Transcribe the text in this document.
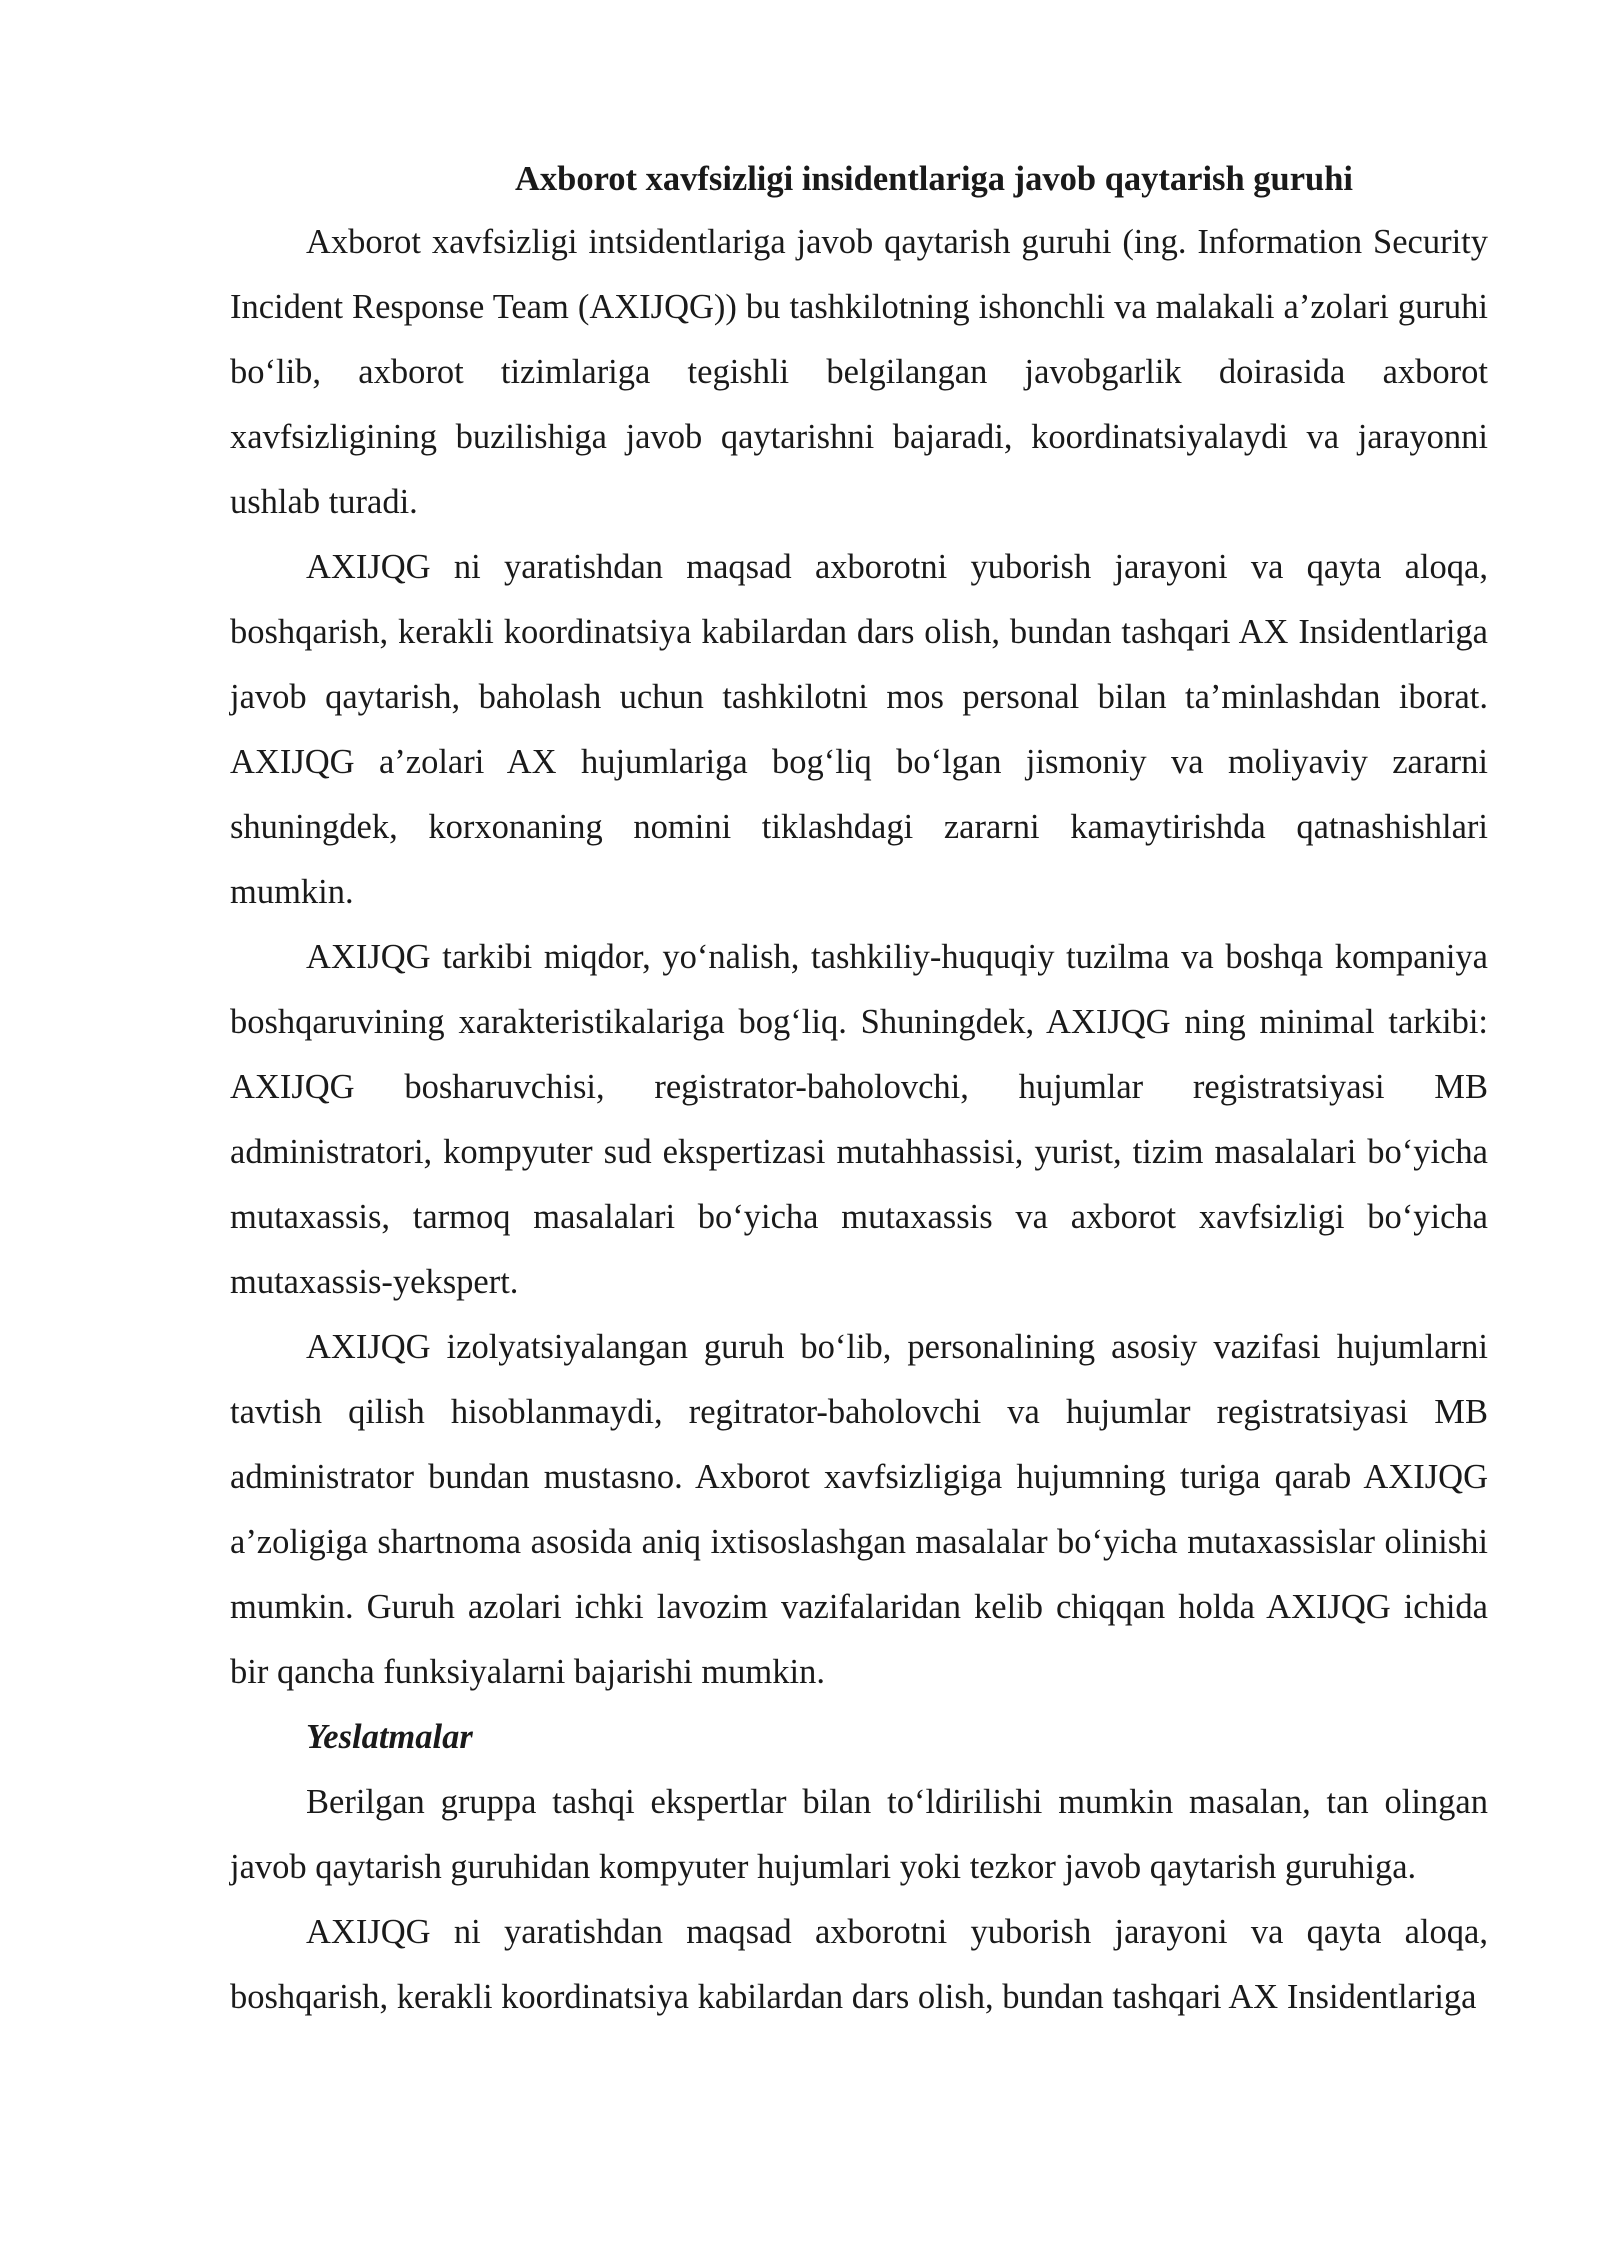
Axborot xavfsizligi insidentlariga javob qaytarish guruhi

Axborot xavfsizligi intsidentlariga javob qaytarish guruhi (ing. Information Security Incident Response Team (AXIJQG)) bu tashkilotning ishonchli va malakali a’zolari guruhi bo‘lib, axborot tizimlariga tegishli belgilangan javobgarlik doirasida axborot xavfsizligining buzilishiga javob qaytarishni bajaradi, koordinatsiyalaydi va jarayonni ushlab turadi.

AXIJQG ni yaratishdan maqsad axborotni yuborish jarayoni va qayta aloqa, boshqarish, kerakli koordinatsiya kabilardan dars olish, bundan tashqari AX Insidentlariga javob qaytarish, baholash uchun tashkilotni mos personal bilan ta’minlashdan iborat. AXIJQG a’zolari AX hujumlariga bog‘liq bo‘lgan jismoniy va moliyaviy zararni shuningdek, korxonaning nomini tiklashdagi zararni kamaytirishda qatnashishlari mumkin.

AXIJQG tarkibi miqdor, yo‘nalish, tashkiliy-huquqiy tuzilma va boshqa kompaniya boshqaruvining xarakteristikalariga bog‘liq. Shuningdek, AXIJQG ning minimal tarkibi: AXIJQG bosharuvchisi, registrator-baholovchi, hujumlar registratsiyasi MB administratori, kompyuter sud ekspertizasi mutahhassisi, yurist, tizim masalalari bo‘yicha mutaxassis, tarmoq masalalari bo‘yicha mutaxassis va axborot xavfsizligi bo‘yicha mutaxassis-yekspert.

AXIJQG izolyatsiyalangan guruh bo‘lib, personalining asosiy vazifasi hujumlarni tavtish qilish hisoblanmaydi, regitrator-baholovchi va hujumlar registratsiyasi MB administrator bundan mustasno. Axborot xavfsizligiga hujumning turiga qarab AXIJQG a’zoligiga shartnoma asosida aniq ixtisoslashgan masalalar bo‘yicha mutaxassislar olinishi mumkin. Guruh azolari ichki lavozim vazifalaridan kelib chiqqan holda AXIJQG ichida bir qancha funksiyalarni bajarishi mumkin.

Yeslatmalar

Berilgan gruppa tashqi ekspertlar bilan to‘ldirilishi mumkin masalan, tan olingan javob qaytarish guruhidan kompyuter hujumlari yoki tezkor javob qaytarish guruhiga.

AXIJQG ni yaratishdan maqsad axborotni yuborish jarayoni va qayta aloqa, boshqarish, kerakli koordinatsiya kabilardan dars olish, bundan tashqari AX Insidentlariga
